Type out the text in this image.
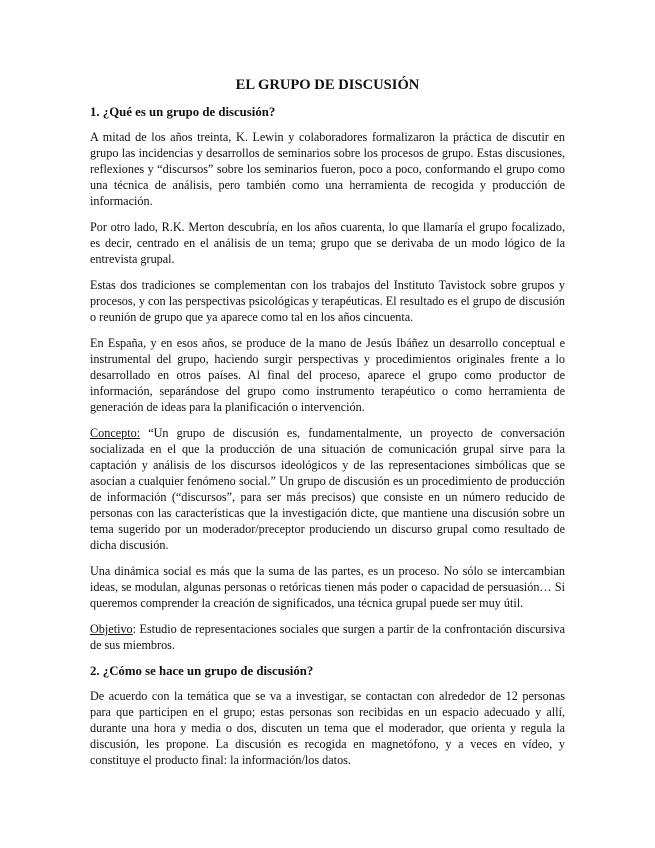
EL GRUPO DE DISCUSIÓN
1. ¿Qué es un grupo de discusión?

A mitad de los años treinta, K. Lewin y colaboradores formalizaron la práctica de discutir en grupo las incidencias y desarrollos de seminarios sobre los procesos de grupo. Estas discusiones, reflexiones y “discursos” sobre los seminarios fueron, poco a poco, conformando el grupo como una técnica de análisis, pero también como una herramienta de recogida y producción de información.

Por otro lado, R.K. Merton descubría, en los años cuarenta, lo que llamaría el grupo focalizado, es decir, centrado en el análisis de un tema; grupo que se derivaba de un modo lógico de la entrevista grupal.

Estas dos tradiciones se complementan con los trabajos del Instituto Tavistock sobre grupos y procesos, y con las perspectivas psicológicas y terapéuticas. El resultado es el grupo de discusión o reunión de grupo que ya aparece como tal en los años cincuenta.

En España, y en esos años, se produce de la mano de Jesús Ibáñez un desarrollo conceptual e instrumental del grupo, haciendo surgir perspectivas y procedimientos originales frente a lo desarrollado en otros países. Al final del proceso, aparece el grupo como productor de información, separándose del grupo como instrumento terapéutico o como herramienta de generación de ideas para la planificación o intervención.

Concepto: “Un grupo de discusión es, fundamentalmente, un proyecto de conversación socializada en el que la producción de una situación de comunicación grupal sirve para la captación y análisis de los discursos ideológicos y de las representaciones simbólicas que se asocian a cualquier fenómeno social.” Un grupo de discusión es un procedimiento de producción de información (“discursos”, para ser más precisos) que consiste en un número reducido de personas con las características que la investigación dicte, que mantiene una discusión sobre un tema sugerido por un moderador/preceptor produciendo un discurso grupal como resultado de dicha discusión.

Una dinámica social es más que la suma de las partes, es un proceso. No sólo se intercambian ideas, se modulan, algunas personas o retóricas tienen más poder o capacidad de persuasión… Si queremos comprender la creación de significados, una técnica grupal puede ser muy útil.

Objetivo: Estudio de representaciones sociales que surgen a partir de la confrontación discursiva de sus miembros.

2. ¿Cómo se hace un grupo de discusión?

De acuerdo con la temática que se va a investigar, se contactan con alrededor de 12 personas para que participen en el grupo; estas personas son recibidas en un espacio adecuado y allí, durante una hora y media o dos, discuten un tema que el moderador, que orienta y regula la discusión, les propone. La discusión es recogida en magnetófono, y a veces en vídeo, y constituye el producto final: la información/los datos.
